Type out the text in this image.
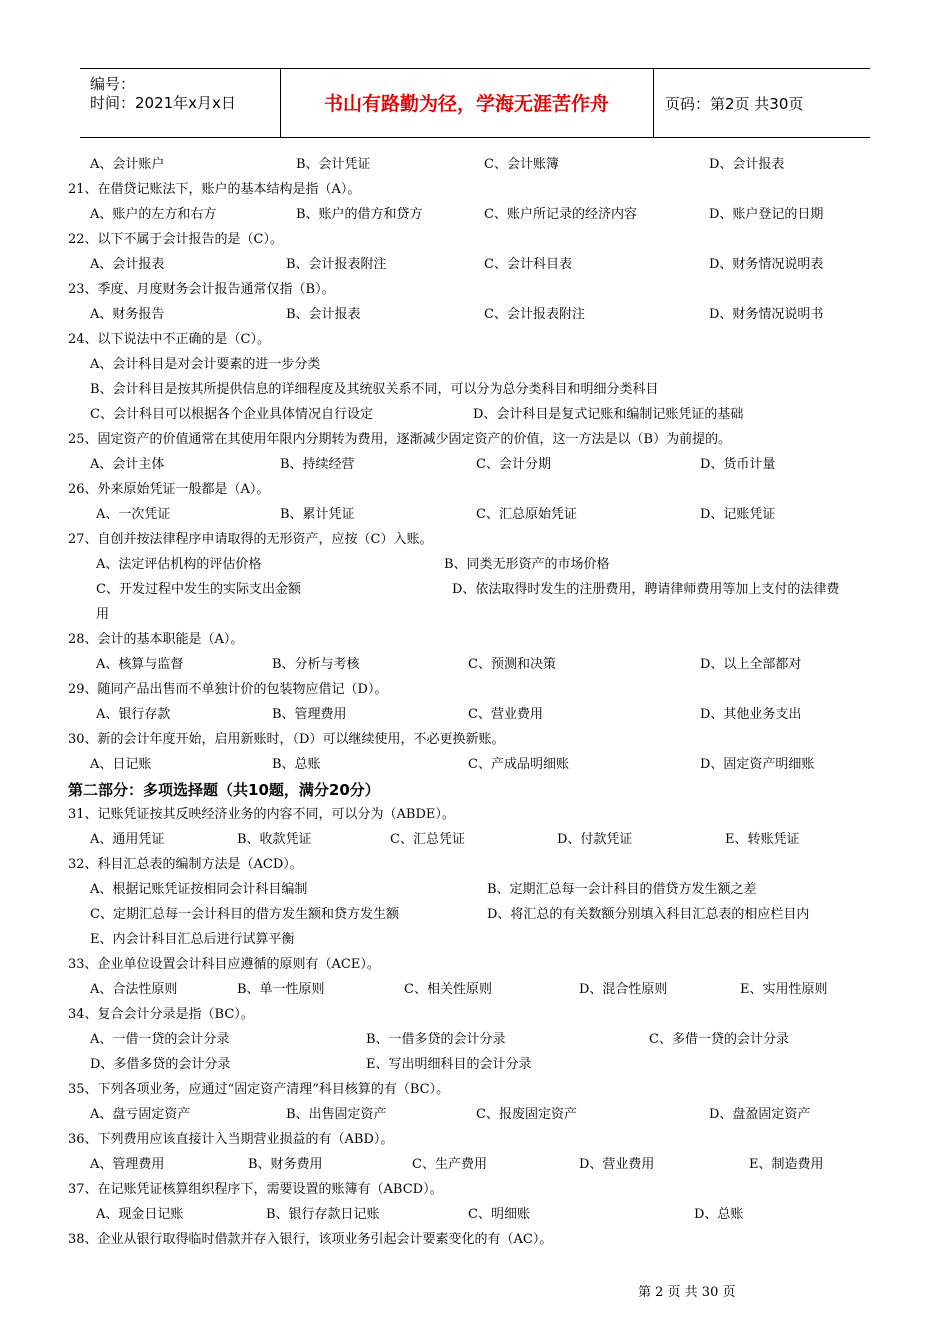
编号：
时间：2021年x月x日	书山有路勤为径，学海无涯苦作舟	页码：第2页 共30页
A、会计账户	B、会计凭证	C、会计账簿	D、会计报表
21、在借贷记账法下，账户的基本结构是指（A）。
A、账户的左方和右方	B、账户的借方和贷方	C、账户所记录的经济内容	D、账户登记的日期
22、以下不属于会计报告的是（C）。
A、会计报表	B、会计报表附注	C、会计科目表	D、财务情况说明表
23、季度、月度财务会计报告通常仅指（B）。
A、财务报告	B、会计报表	C、会计报表附注	D、财务情况说明书
24、以下说法中不正确的是（C）。
A、会计科目是对会计要素的进一步分类
B、会计科目是按其所提供信息的详细程度及其统驭关系不同，可以分为总分类科目和明细分类科目
C、会计科目可以根据各个企业具体情况自行设定	D、会计科目是复式记账和编制记账凭证的基础
25、固定资产的价值通常在其使用年限内分期转为费用，逐渐减少固定资产的价值，这一方法是以（B）为前提的。
A、会计主体	B、持续经营	C、会计分期	D、货币计量
26、外来原始凭证一般都是（A）。
A、一次凭证	B、累计凭证	C、汇总原始凭证	D、记账凭证
27、自创并按法律程序申请取得的无形资产，应按（C）入账。
A、法定评估机构的评估价格	B、同类无形资产的市场价格
C、开发过程中发生的实际支出金额	D、依法取得时发生的注册费用，聘请律师费用等加上支付的法律费
用
28、会计的基本职能是（A）。
A、核算与监督	B、分析与考核	C、预测和决策	D、以上全部都对
29、随同产品出售而不单独计价的包装物应借记（D）。
A、银行存款	B、管理费用	C、营业费用	D、其他业务支出
30、新的会计年度开始，启用新账时，（D）可以继续使用，不必更换新账。
A、日记账	B、总账	C、产成品明细账	D、固定资产明细账
第二部分：多项选择题（共10题，满分20分）
31、记账凭证按其反映经济业务的内容不同，可以分为（ABDE）。
A、通用凭证	B、收款凭证	C、汇总凭证	D、付款凭证	E、转账凭证
32、科目汇总表的编制方法是（ACD）。
A、根据记账凭证按相同会计科目编制	B、定期汇总每一会计科目的借贷方发生额之差
C、定期汇总每一会计科目的借方发生额和贷方发生额	D、将汇总的有关数额分别填入科目汇总表的相应栏目内
E、内会计科目汇总后进行试算平衡
33、企业单位设置会计科目应遵循的原则有（ACE）。
A、合法性原则	B、单一性原则	C、相关性原则	D、混合性原则	E、实用性原则
34、复合会计分录是指（BC）。
A、一借一贷的会计分录	B、一借多贷的会计分录	C、多借一贷的会计分录
D、多借多贷的会计分录	E、写出明细科目的会计分录
35、下列各项业务，应通过“固定资产清理”科目核算的有（BC）。
A、盘亏固定资产	B、出售固定资产	C、报废固定资产	D、盘盈固定资产
36、下列费用应该直接计入当期营业损益的有（ABD）。
A、管理费用	B、财务费用	C、生产费用	D、营业费用	E、制造费用
37、在记账凭证核算组织程序下，需要设置的账簿有（ABCD）。
A、现金日记账	B、银行存款日记账	C、明细账	D、总账
38、企业从银行取得临时借款并存入银行，该项业务引起会计要素变化的有（AC）。
第 2 页 共 30 页
